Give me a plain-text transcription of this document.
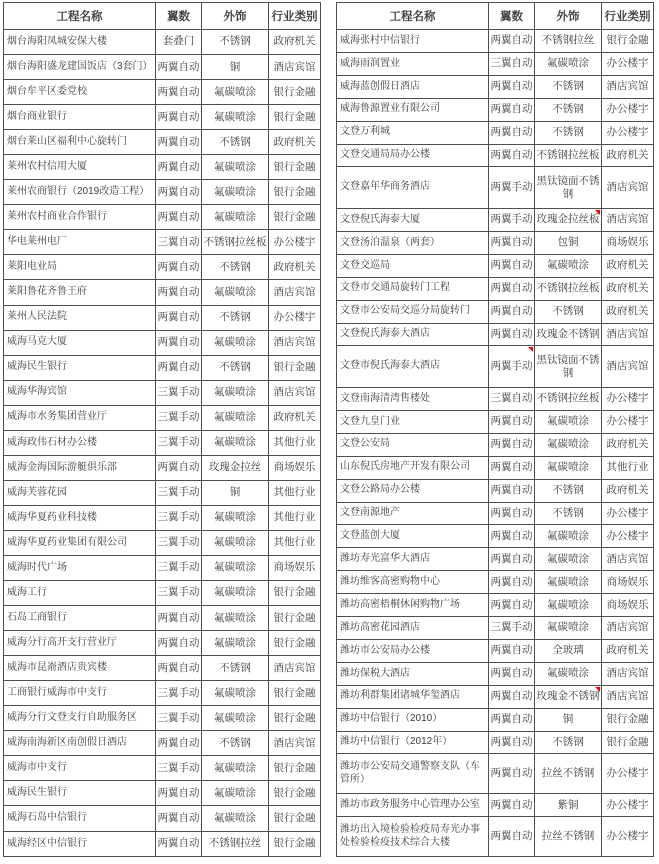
工程名称	翼数	外饰	行业类别
烟台海阳凤城安保大楼	套叠门	不锈钢	政府机关
烟台海阳盛龙建国饭店（3套门）	两翼自动	铜	酒店宾馆
烟台牟平区委党校	两翼自动	氟碳喷涂	银行金融
烟台商业银行	两翼自动	氟碳喷涂	银行金融
烟台莱山区福利中心旋转门	两翼自动	不锈钢	政府机关
莱州农村信用大厦	两翼自动	氟碳喷涂	银行金融
莱州农商银行（2019改造工程）	两翼自动	氟碳喷涂	银行金融
莱州农村商业合作银行	两翼自动	氟碳喷涂	银行金融
华电莱州电厂	三翼自动	不锈钢拉丝板	办公楼宇
莱阳电业局	两翼自动	不锈钢	政府机关
莱阳鲁花齐鲁王府	两翼自动	氟碳喷涂	酒店宾馆
莱州人民法院	两翼自动	不锈钢	办公楼宇
威海马克大厦	两翼自动	氟碳喷涂	酒店宾馆
威海民生银行	两翼自动	不锈钢	银行金融
威海华海宾馆	三翼手动	氟碳喷涂	酒店宾馆
威海市水务集团营业厅	三翼手动	氟碳喷涂	政府机关
威海政伟石材办公楼	三翼手动	氟碳喷涂	其他行业
威海金海国际游艇俱乐部	两翼自动	玫瑰金拉丝	商场娱乐
威海芙蓉花园	三翼手动	铜	其他行业
威海华夏药业科技楼	三翼手动	氟碳喷涂	其他行业
威海华夏药业集团有限公司	三翼手动	氟碳喷涂	其他行业
威海时代广场	三翼手动	氟碳喷涂	商场娱乐
威海工行	三翼手动	氟碳喷涂	银行金融
石岛工商银行	两翼自动	氟碳喷涂	银行金融
威海分行高开支行营业厅	两翼自动	氟碳喷涂	银行金融
威海市昆嵛酒店贵宾楼	两翼自动	不锈钢	酒店宾馆
工商银行威海市中支行	三翼手动	氟碳喷涂	银行金融
威海分行文登支行自助服务区	三翼手动	氟碳喷涂	银行金融
威海南海新区南创假日酒店	两翼自动	不锈钢	酒店宾馆
威海市中支行	三翼手动	氟碳喷涂	银行金融
威海民生银行	两翼自动	氟碳喷涂	银行金融
威海石岛中信银行	两翼自动	氟碳喷涂	银行金融
威海经区中信银行	两翼自动	不锈钢拉丝	银行金融
工程名称	翼数	外饰	行业类别
威海张村中信银行	两翼自动	不锈钢拉丝	银行金融
威海雨润置业	三翼自动	氟碳喷涂	办公楼宇
威海蓝创假日酒店	两翼自动	不锈钢	酒店宾馆
威海鲁源置业有限公司	两翼自动	不锈钢	办公楼宇
文登万利城	两翼自动	不锈钢	办公楼宇
文登交通局局办公楼	两翼自动	不锈钢拉丝板	政府机关
文登嘉年华商务酒店	两翼手动	黑钛镜面不锈钢	酒店宾馆
文登倪氏海泰大厦	两翼手动	玫瑰金拉丝板	酒店宾馆
文登汤泊温泉（两套）	两翼自动	包铜	商场娱乐
文登交巡局	两翼自动	氟碳喷涂	政府机关
文登市交通局旋转门工程	两翼自动	不锈钢拉丝板	政府机关
文登市公安局交巡分局旋转门	两翼自动	不锈钢	政府机关
文登倪氏海泰大酒店	两翼自动	玫瑰金不锈钢	酒店宾馆
文登市倪氏海泰大酒店	两翼手动	黑钛镜面不锈钢	酒店宾馆
文登南海清湾售楼处	三翼自动	不锈钢拉丝板	办公楼宇
文登九皇门业	两翼自动	氟碳喷涂	办公楼宇
文登公安局	两翼自动	氟碳喷涂	政府机关
山东倪氏房地产开发有限公司	两翼自动	氟碳喷涂	其他行业
文登公路局办公楼	两翼自动	不锈钢	政府机关
文登南源地产	两翼自动	不锈钢	办公楼宇
文登蓝创大厦	两翼自动	氟碳喷涂	办公楼宇
潍坊寿光富华大酒店	两翼自动	氟碳喷涂	酒店宾馆
潍坊维客高密购物中心	两翼自动	氟碳喷涂	商场娱乐
潍坊高密梧桐休闲购物广场	两翼自动	氟碳喷涂	商场娱乐
潍坊高密花园酒店	三翼手动	氟碳喷涂	酒店宾馆
潍坊市公安局办公楼	两翼自动	全玻璃	政府机关
潍坊保税大酒店	两翼自动	氟碳喷涂	酒店宾馆
潍坊利群集团诸城华玺酒店	两翼自动	玫瑰金不锈钢	酒店宾馆
潍坊中信银行（2010）	两翼自动	铜	银行金融
潍坊中信银行（2012年）	两翼自动	不锈钢	银行金融
潍坊市公安局交通警察支队（车管所）	两翼自动	拉丝不锈钢	办公楼宇
潍坊市政务服务中心管理办公室	两翼自动	紫铜	办公楼宇
潍坊出入境检验检疫局寿光办事处检验检疫技术综合大楼	两翼自动	拉丝不锈钢	办公楼宇
